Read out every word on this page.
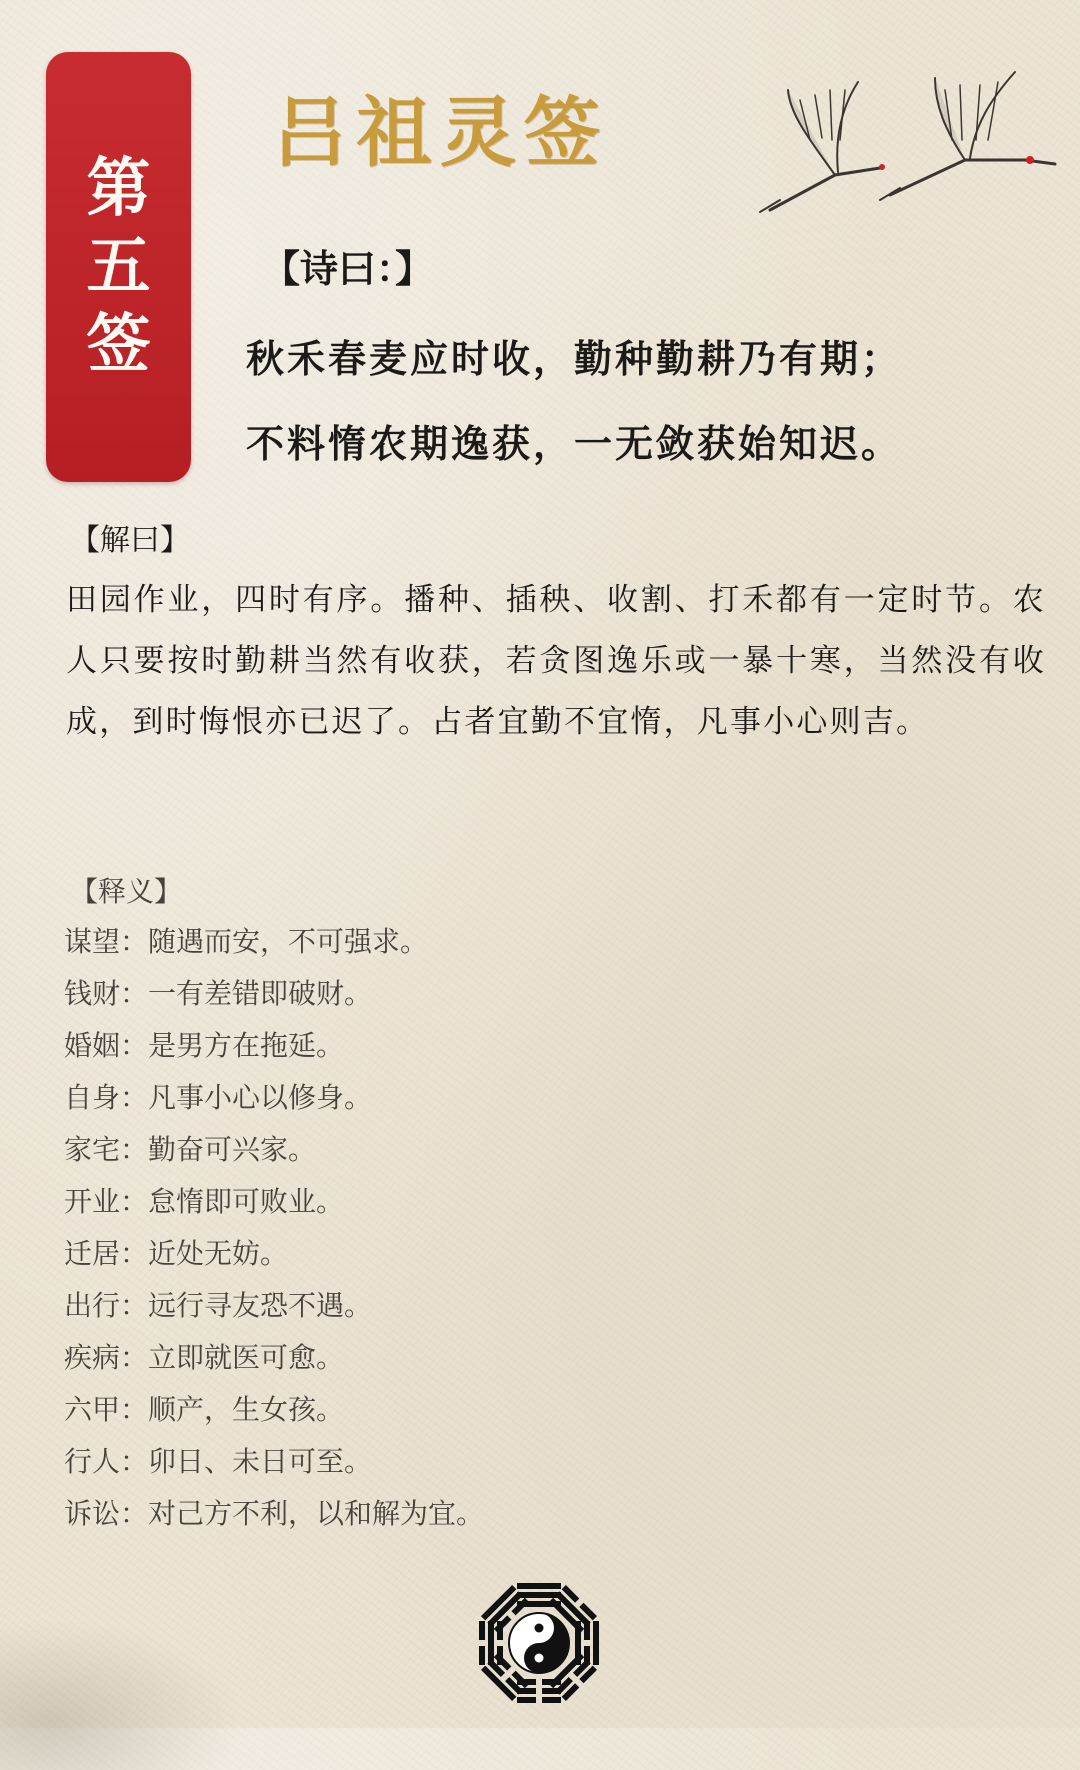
第
五
签
吕祖灵签
【诗曰：】
秋禾春麦应时收，勤种勤耕乃有期；
不料惰农期逸获，一无敛获始知迟。
【解曰】
田园作业，四时有序。播种、插秧、收割、打禾都有一定时节。农人只要按时勤耕当然有收获，若贪图逸乐或一暴十寒，当然没有收成，到时悔恨亦已迟了。占者宜勤不宜惰，凡事小心则吉。
【释义】
谋望：随遇而安，不可强求。
钱财：一有差错即破财。
婚姻：是男方在拖延。
自身：凡事小心以修身。
家宅：勤奋可兴家。
开业：怠惰即可败业。
迁居：近处无妨。
出行：远行寻友恐不遇。
疾病：立即就医可愈。
六甲：顺产，生女孩。
行人：卯日、未日可至。
诉讼：对己方不利，以和解为宜。
